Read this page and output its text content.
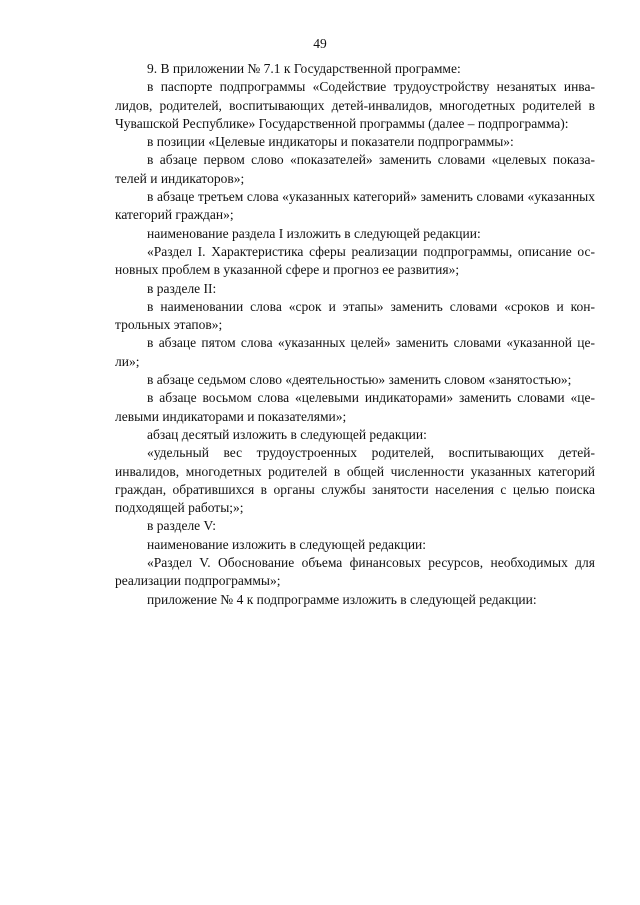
49

9. В приложении № 7.1 к Государственной программе:

в паспорте подпрограммы «Содействие трудоустройству незанятых инвалидов, родителей, воспитывающих детей-инвалидов, многодетных родителей в Чувашской Республике» Государственной программы (далее – подпрограмма):

в позиции «Целевые индикаторы и показатели подпрограммы»:

в абзаце первом слово «показателей» заменить словами «целевых показателей и индикаторов»;

в абзаце третьем слова «указанных категорий» заменить словами «указанных категорий граждан»;

наименование раздела I изложить в следующей редакции:

«Раздел I. Характеристика сферы реализации подпрограммы, описание основных проблем в указанной сфере и прогноз ее развития»;

в разделе II:

в наименовании слова «срок и этапы» заменить словами «сроков и контрольных этапов»;

в абзаце пятом слова «указанных целей» заменить словами «указанной цели»;

в абзаце седьмом слово «деятельностью» заменить словом «занятостью»;

в абзаце восьмом слова «целевыми индикаторами» заменить словами «целевыми индикаторами и показателями»;

абзац десятый изложить в следующей редакции:

«удельный вес трудоустроенных родителей, воспитывающих детей-инвалидов, многодетных родителей в общей численности указанных категорий граждан, обратившихся в органы службы занятости населения с целью поиска подходящей работы;»;

в разделе V:

наименование изложить в следующей редакции:

«Раздел V. Обоснование объема финансовых ресурсов, необходимых для реализации подпрограммы»;

приложение № 4 к подпрограмме изложить в следующей редакции:
